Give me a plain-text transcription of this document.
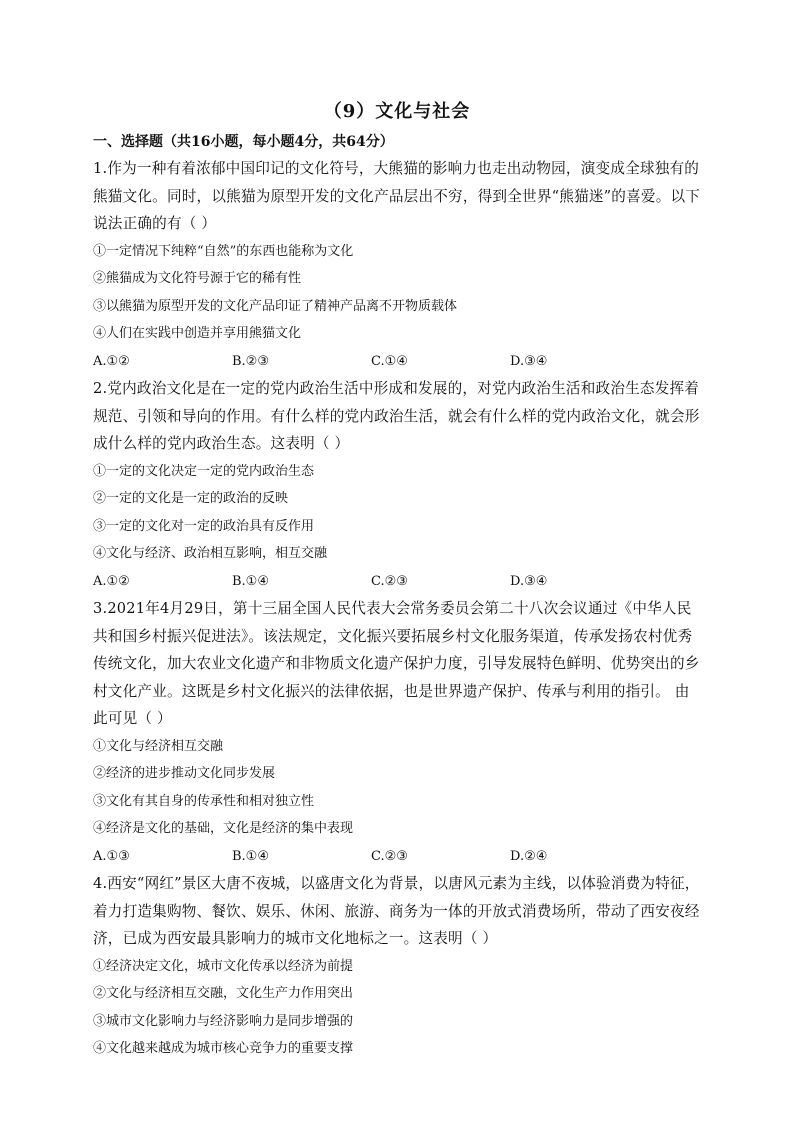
（9）文化与社会
一、选择题（共16小题，每小题4分，共64分）

1.作为一种有着浓郁中国印记的文化符号，大熊猫的影响力也走出动物园，演变成全球独有的熊猫文化。同时，以熊猫为原型开发的文化产品层出不穷，得到全世界“熊猫迷”的喜爱。以下说法正确的有（ ）

①一定情况下纯粹“自然”的东西也能称为文化

②熊猫成为文化符号源于它的稀有性

③以熊猫为原型开发的文化产品印证了精神产品离不开物质载体

④人们在实践中创造并享用熊猫文化

A.①②	B.②③	C.①④	D.③④

2.党内政治文化是在一定的党内政治生活中形成和发展的，对党内政治生活和政治生态发挥着规范、引领和导向的作用。有什么样的党内政治生活，就会有什么样的党内政治文化，就会形成什么样的党内政治生态。这表明（ ）

①一定的文化决定一定的党内政治生态

②一定的文化是一定的政治的反映

③一定的文化对一定的政治具有反作用

④文化与经济、政治相互影响，相互交融

A.①②	B.①④	C.②③	D.③④

3.2021年4月29日，第十三届全国人民代表大会常务委员会第二十八次会议通过《中华人民共和国乡村振兴促进法》。该法规定，文化振兴要拓展乡村文化服务渠道，传承发扬农村优秀传统文化，加大农业文化遗产和非物质文化遗产保护力度，引导发展特色鲜明、优势突出的乡村文化产业。这既是乡村文化振兴的法律依据，也是世界遗产保护、传承与利用的指引。 由此可见（ ）

①文化与经济相互交融

②经济的进步推动文化同步发展

③文化有其自身的传承性和相对独立性

④经济是文化的基础，文化是经济的集中表现

A.①③	B.①④	C.②③	D.②④

4.西安“网红”景区大唐不夜城，以盛唐文化为背景，以唐风元素为主线，以体验消费为特征，着力打造集购物、餐饮、娱乐、休闲、旅游、商务为一体的开放式消费场所，带动了西安夜经济，已成为西安最具影响力的城市文化地标之一。这表明（ ）

①经济决定文化，城市文化传承以经济为前提

②文化与经济相互交融，文化生产力作用突出

③城市文化影响力与经济影响力是同步增强的

④文化越来越成为城市核心竞争力的重要支撑
